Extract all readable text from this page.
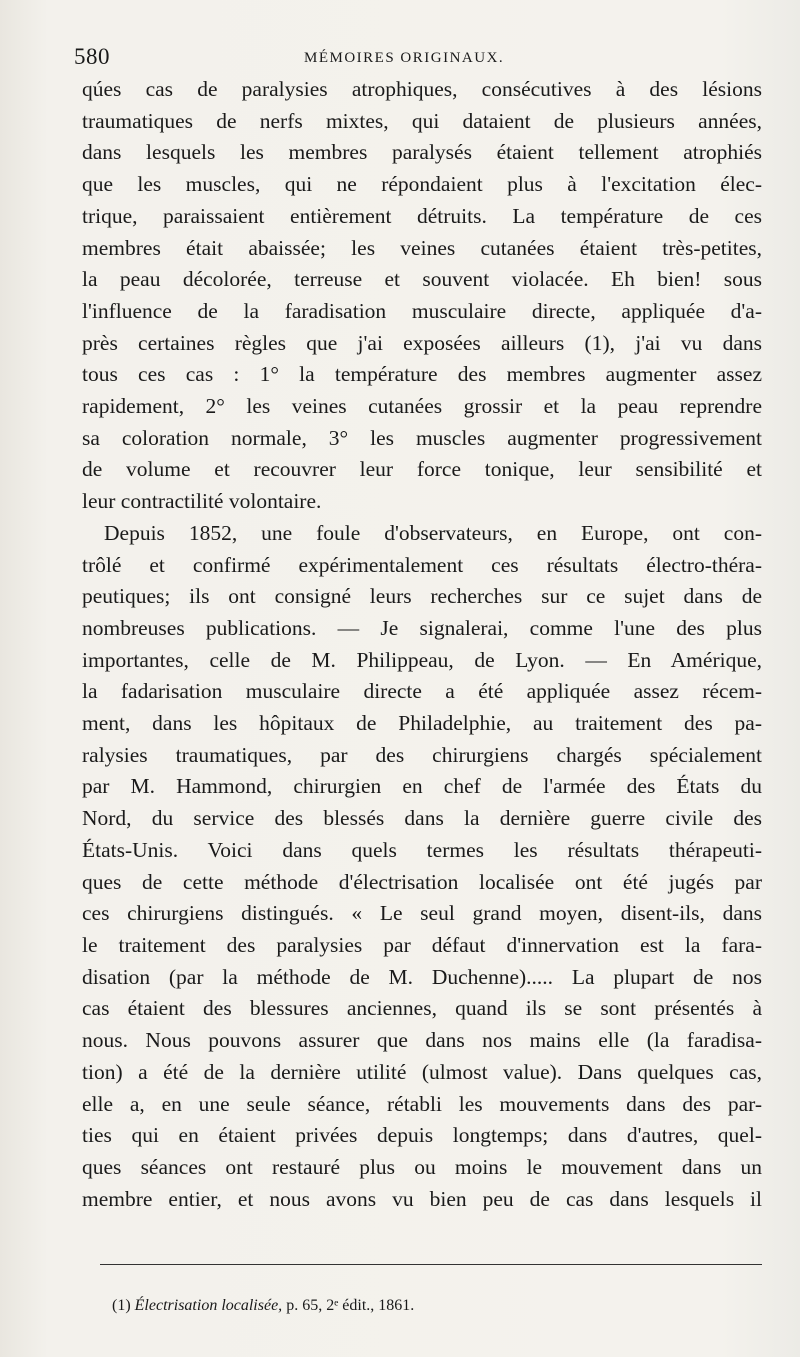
580	MÉMOIRES ORIGINAUX.
qúes cas de paralysies atrophiques, consécutives à des lésions
traumatiques de nerfs mixtes, qui dataient de plusieurs années,
dans lesquels les membres paralysés étaient tellement atrophiés
que les muscles, qui ne répondaient plus à l'excitation élec-
trique, paraissaient entièrement détruits. La température de ces
membres était abaissée; les veines cutanées étaient très-petites,
la peau décolorée, terreuse et souvent violacée. Eh bien! sous
l'influence de la faradisation musculaire directe, appliquée d'a-
près certaines règles que j'ai exposées ailleurs (1), j'ai vu dans
tous ces cas : 1° la température des membres augmenter assez
rapidement, 2° les veines cutanées grossir et la peau reprendre
sa coloration normale, 3° les muscles augmenter progressivement
de volume et recouvrer leur force tonique, leur sensibilité et
leur contractilité volontaire.
Depuis 1852, une foule d'observateurs, en Europe, ont con-
trôlé et confirmé expérimentalement ces résultats électro-théra-
peutiques; ils ont consigné leurs recherches sur ce sujet dans de
nombreuses publications. — Je signalerai, comme l'une des plus
importantes, celle de M. Philippeau, de Lyon. — En Amérique,
la fadarisation musculaire directe a été appliquée assez récem-
ment, dans les hôpitaux de Philadelphie, au traitement des pa-
ralysies traumatiques, par des chirurgiens chargés spécialement
par M. Hammond, chirurgien en chef de l'armée des États du
Nord, du service des blessés dans la dernière guerre civile des
États-Unis. Voici dans quels termes les résultats thérapeuti-
ques de cette méthode d'électrisation localisée ont été jugés par
ces chirurgiens distingués. « Le seul grand moyen, disent-ils, dans
le traitement des paralysies par défaut d'innervation est la fara-
disation (par la méthode de M. Duchenne)..... La plupart de nos
cas étaient des blessures anciennes, quand ils se sont présentés à
nous. Nous pouvons assurer que dans nos mains elle (la faradisa-
tion) a été de la dernière utilité (ulmost value). Dans quelques cas,
elle a, en une seule séance, rétabli les mouvements dans des par-
ties qui en étaient privées depuis longtemps; dans d'autres, quel-
ques séances ont restauré plus ou moins le mouvement dans un
membre entier, et nous avons vu bien peu de cas dans lesquels il
(1) Électrisation localisée, p. 65, 2ᵉ édit., 1861.
